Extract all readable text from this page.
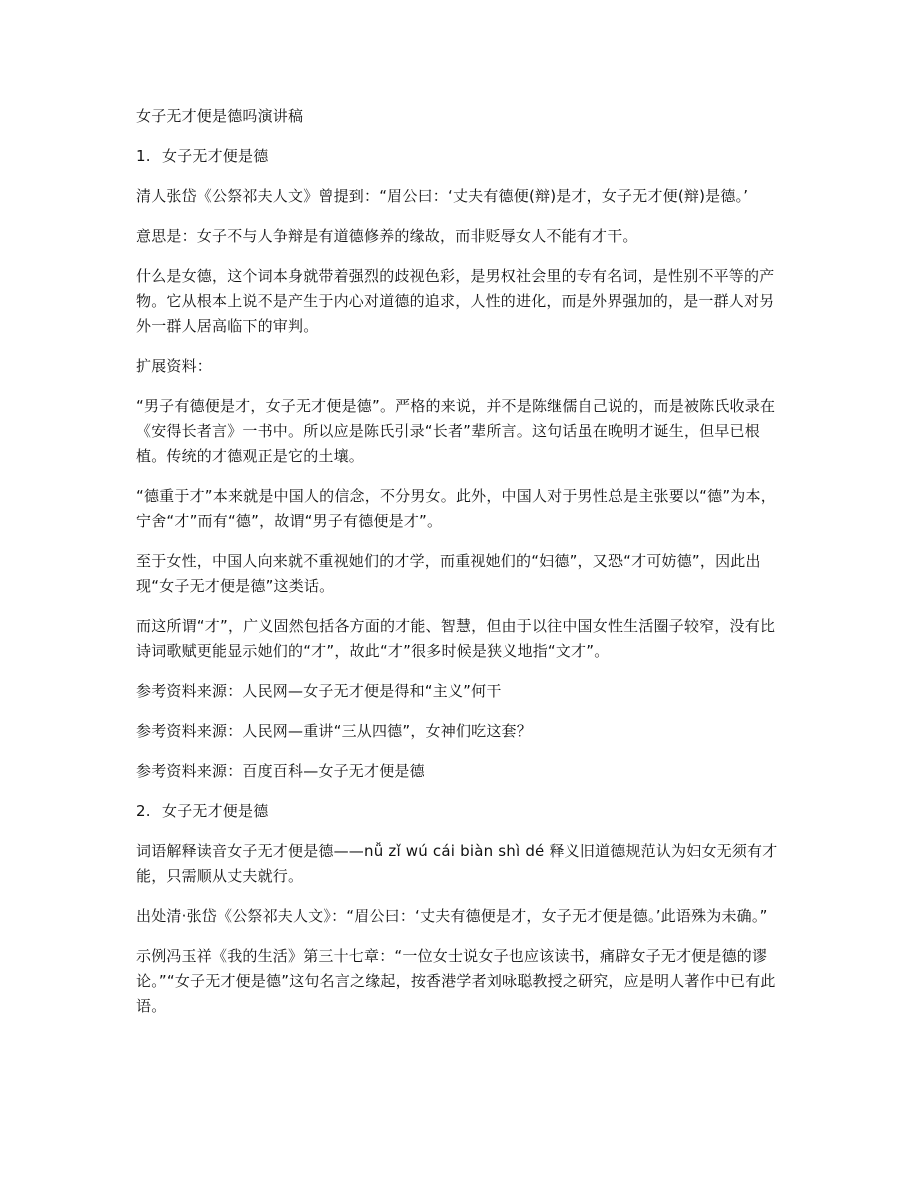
女子无才便是德吗演讲稿
1. 女子无才便是德
清人张岱《公祭祁夫人文》曾提到：“眉公曰：‘丈夫有德便(辩)是才，女子无才便(辩)是德。’
意思是：女子不与人争辩是有道德修养的缘故，而非贬辱女人不能有才干。
什么是女德，这个词本身就带着强烈的歧视色彩，是男权社会里的专有名词，是性别不平等的产物。它从根本上说不是产生于内心对道德的追求，人性的进化，而是外界强加的，是一群人对另外一群人居高临下的审判。
扩展资料：
“男子有德便是才，女子无才便是德”。严格的来说，并不是陈继儒自己说的，而是被陈氏收录在《安得长者言》一书中。所以应是陈氏引录“长者”辈所言。这句话虽在晚明才诞生，但早已根植。传统的才德观正是它的土壤。
“德重于才”本来就是中国人的信念，不分男女。此外，中国人对于男性总是主张要以“德”为本，宁舍“才”而有“德”，故谓“男子有德便是才”。
至于女性，中国人向来就不重视她们的才学，而重视她们的“妇德”，又恐“才可妨德”，因此出现“女子无才便是德”这类话。
而这所谓“才”，广义固然包括各方面的才能、智慧，但由于以往中国女性生活圈子较窄，没有比诗词歌赋更能显示她们的“才”，故此“才”很多时候是狭义地指“文才”。
参考资料来源：人民网—女子无才便是得和“主义”何干
参考资料来源：人民网—重讲“三从四德”，女神们吃这套？
参考资料来源：百度百科—女子无才便是德
2. 女子无才便是德
词语解释读音女子无才便是德——nǚ zǐ wú cái biàn shì dé 释义旧道德规范认为妇女无须有才能，只需顺从丈夫就行。
出处清·张岱《公祭祁夫人文》：“眉公曰：‘丈夫有德便是才，女子无才便是德。’此语殊为未确。”
示例冯玉祥《我的生活》第三十七章：“一位女士说女子也应该读书，痛辟女子无才便是德的谬论。”“女子无才便是德”这句名言之缘起，按香港学者刘咏聪教授之研究，应是明人著作中已有此语。
